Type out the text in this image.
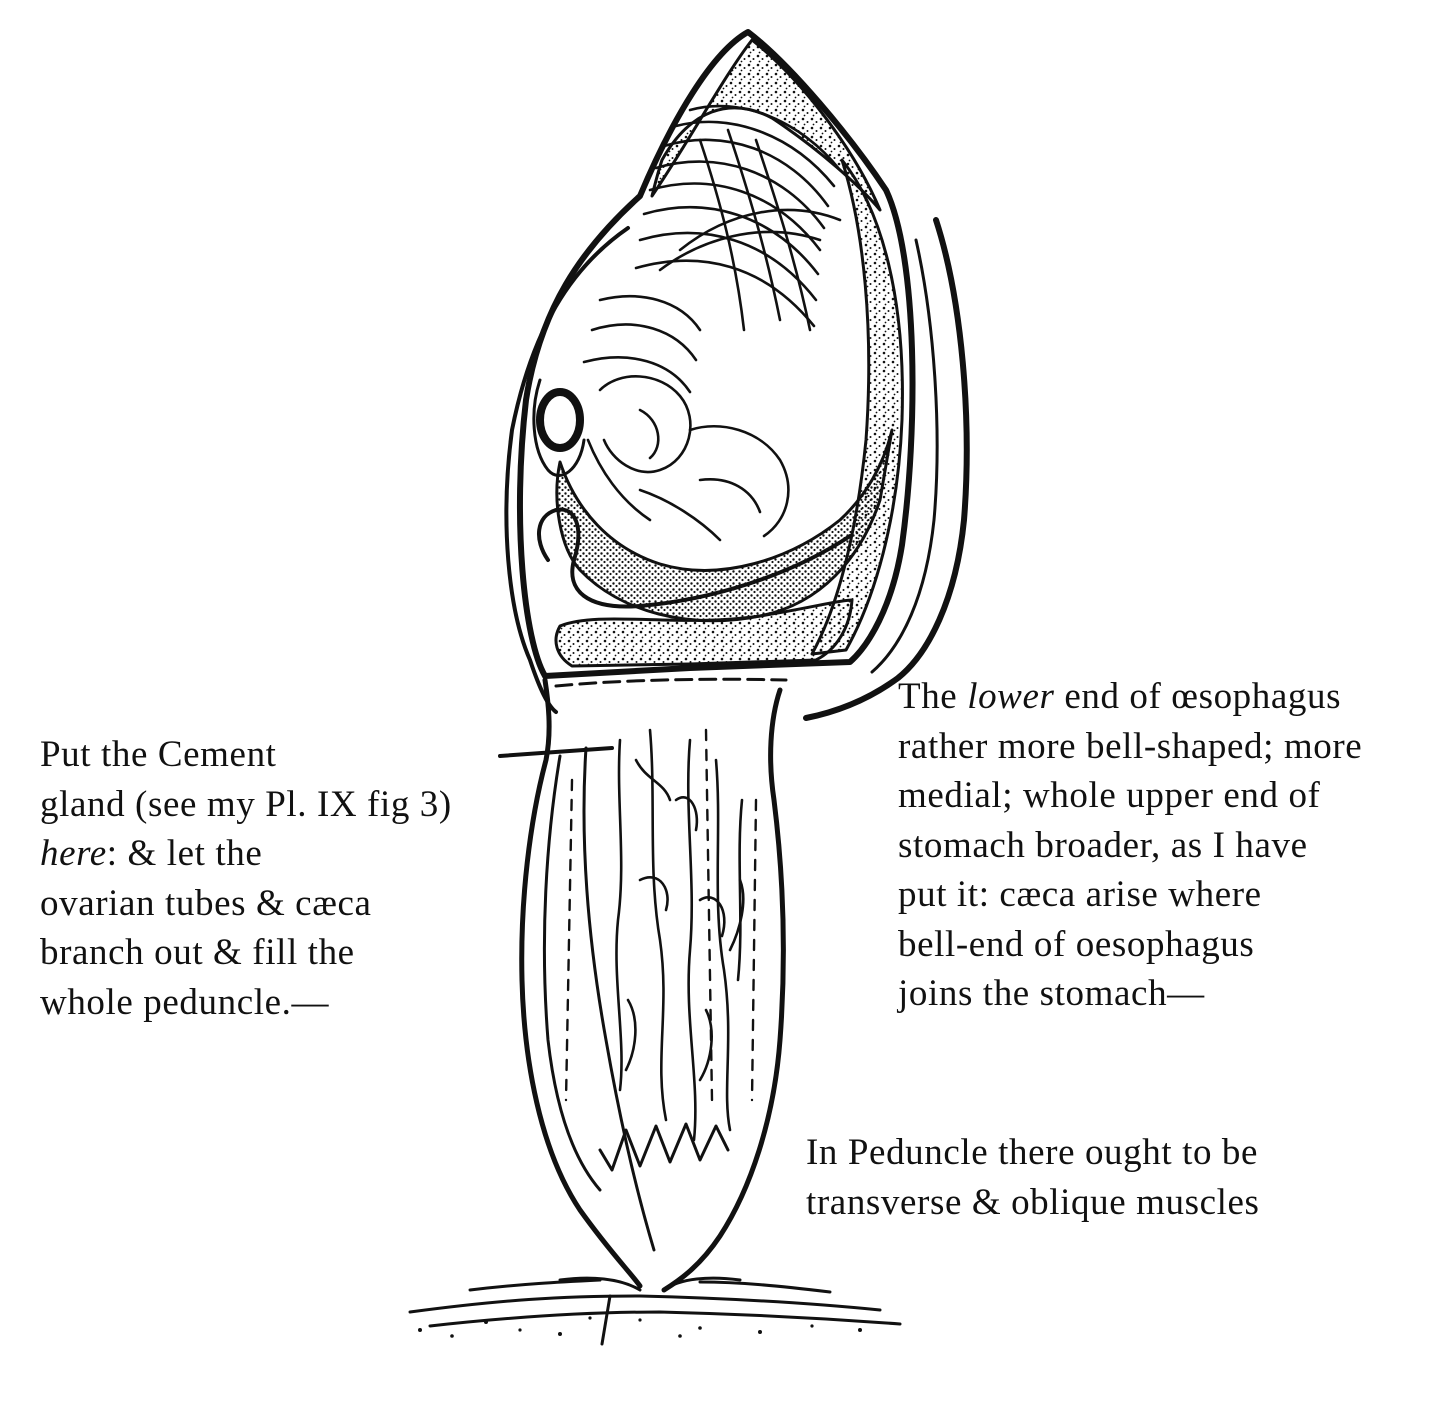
Put the Cement
gland (see my Pl. IX fig 3)
here: & let the
ovarian tubes & cæca
branch out & fill the
whole peduncle.—
The lower end of œsophagus
rather more bell-shaped; more
medial; whole upper end of
stomach broader, as I have
put it: cæca arise where
bell-end of oesophagus
joins the stomach—
In Peduncle there ought to be
transverse & oblique muscles
